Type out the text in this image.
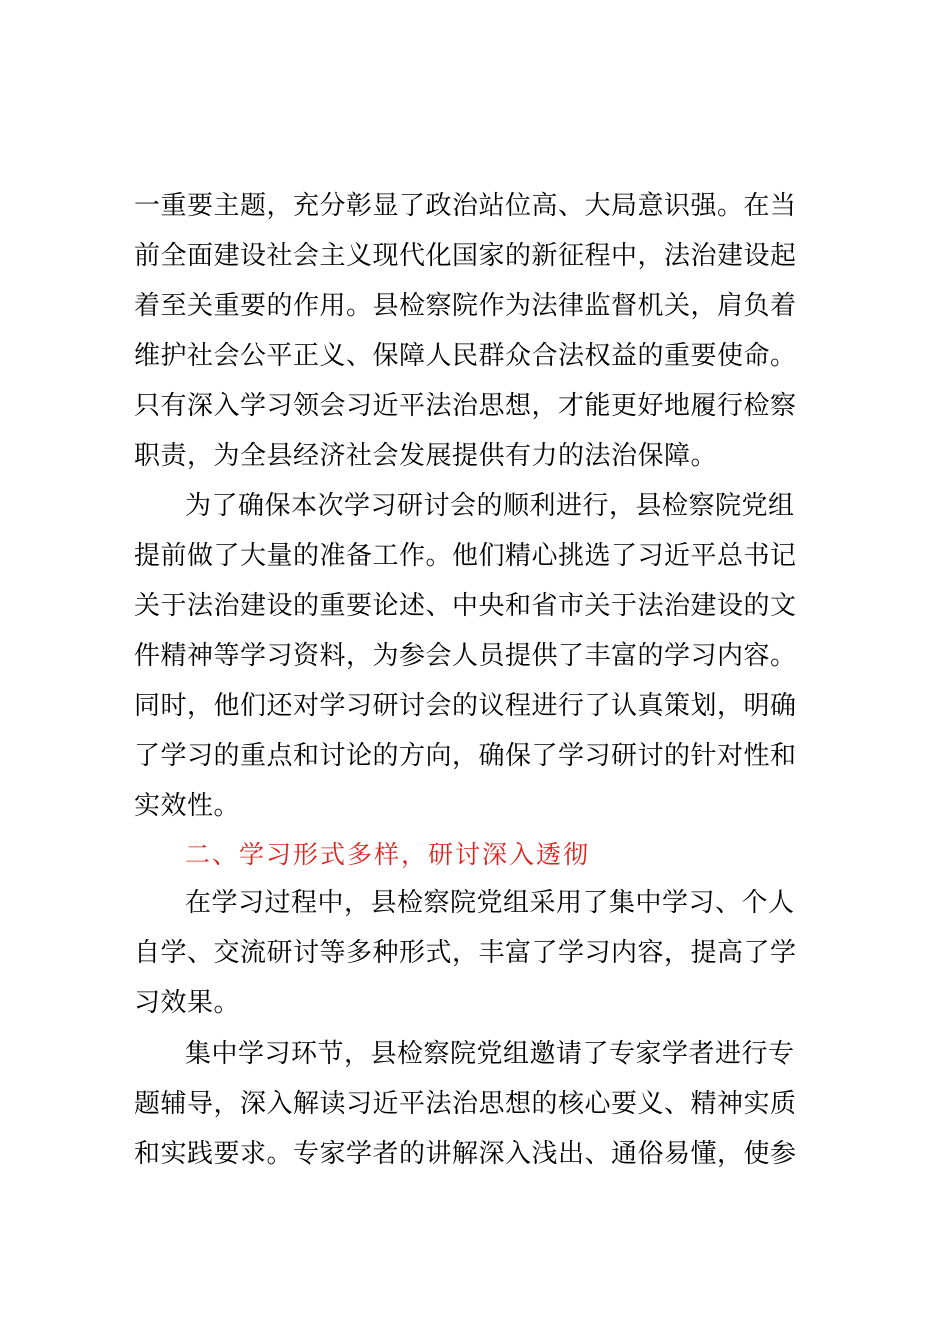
一重要主题，充分彰显了政治站位高、大局意识强。在当
前全面建设社会主义现代化国家的新征程中，法治建设起
着至关重要的作用。县检察院作为法律监督机关，肩负着
维护社会公平正义、保障人民群众合法权益的重要使命。
只有深入学习领会习近平法治思想，才能更好地履行检察
职责，为全县经济社会发展提供有力的法治保障。
为了确保本次学习研讨会的顺利进行，县检察院党组
提前做了大量的准备工作。他们精心挑选了习近平总书记
关于法治建设的重要论述、中央和省市关于法治建设的文
件精神等学习资料，为参会人员提供了丰富的学习内容。
同时，他们还对学习研讨会的议程进行了认真策划，明确
了学习的重点和讨论的方向，确保了学习研讨的针对性和
实效性。
二、学习形式多样，研讨深入透彻
在学习过程中，县检察院党组采用了集中学习、个人
自学、交流研讨等多种形式，丰富了学习内容，提高了学
习效果。
集中学习环节，县检察院党组邀请了专家学者进行专
题辅导，深入解读习近平法治思想的核心要义、精神实质
和实践要求。专家学者的讲解深入浅出、通俗易懂，使参
